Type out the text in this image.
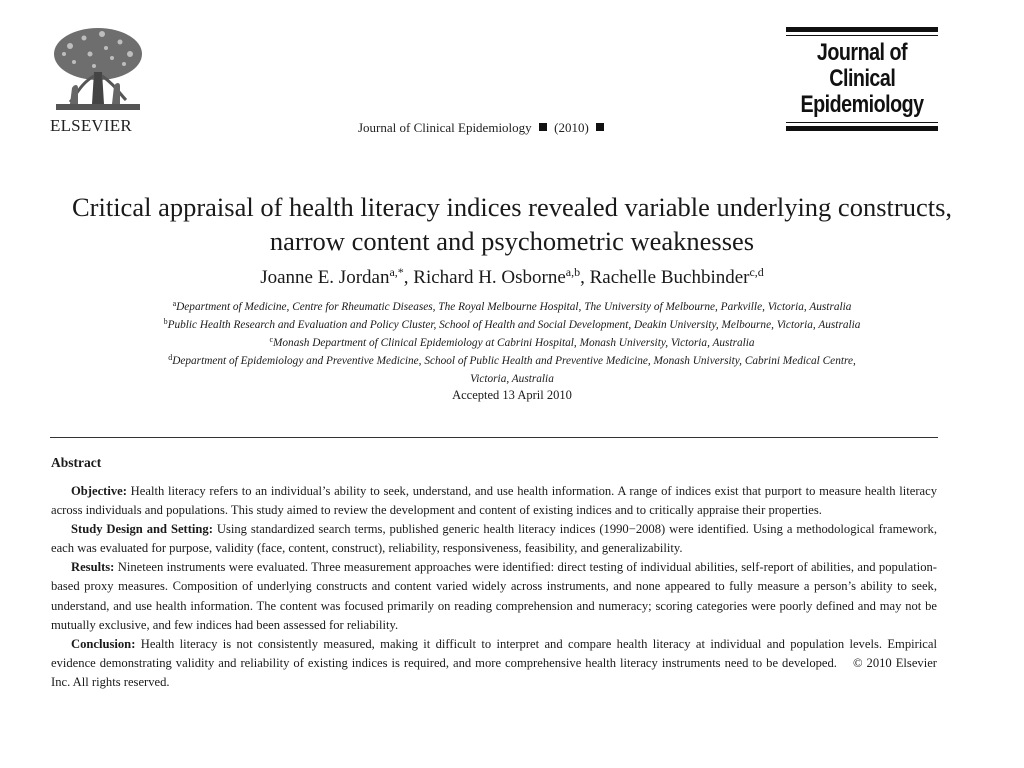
ELSEVIER	Journal of Clinical Epidemiology (2010)
Journal of
Clinical
Epidemiology
Critical appraisal of health literacy indices revealed variable underlying constructs, narrow content and psychometric weaknesses
Joanne E. Jordan$^{a,*}$, Richard H. Osborne$^{a,b}$, Rachelle Buchbinder$^{c,d}$
$^a$Department of Medicine, Centre for Rheumatic Diseases, The Royal Melbourne Hospital, The University of Melbourne, Parkville, Victoria, Australia
$^b$Public Health Research and Evaluation and Policy Cluster, School of Health and Social Development, Deakin University, Melbourne, Victoria, Australia
$^c$Monash Department of Clinical Epidemiology at Cabrini Hospital, Monash University, Victoria, Australia
$^d$Department of Epidemiology and Preventive Medicine, School of Public Health and Preventive Medicine, Monash University, Cabrini Medical Centre,
Victoria, Australia
Accepted 13 April 2010
Abstract

Objective: Health literacy refers to an individual’s ability to seek, understand, and use health information. A range of indices exist that purport to measure health literacy across individuals and populations. This study aimed to review the development and content of existing indices and to critically appraise their properties.

Study Design and Setting: Using standardized search terms, published generic health literacy indices (1990−2008) were identified. Using a methodological framework, each was evaluated for purpose, validity (face, content, construct), reliability, responsiveness, feasibility, and generalizability.

Results: Nineteen instruments were evaluated. Three measurement approaches were identified: direct testing of individual abilities, self-report of abilities, and population-based proxy measures. Composition of underlying constructs and content varied widely across instruments, and none appeared to fully measure a person’s ability to seek, understand, and use health information. The content was focused primarily on reading comprehension and numeracy; scoring categories were poorly defined and may not be mutually exclusive, and few indices had been assessed for reliability.

Conclusion: Health literacy is not consistently measured, making it difficult to interpret and compare health literacy at individual and population levels. Empirical evidence demonstrating validity and reliability of existing indices is required, and more comprehensive health literacy instruments need to be developed. © 2010 Elsevier Inc. All rights reserved.
